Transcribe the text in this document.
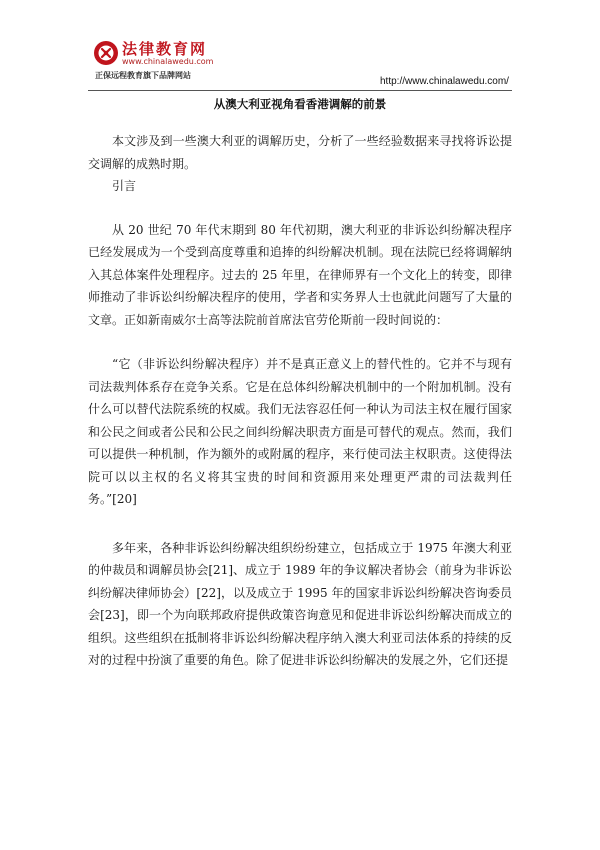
法律教育网
www.chinalawedu.com
正保远程教育旗下品牌网站
http://www.chinalawedu.com/
从澳大利亚视角看香港调解的前景

本文涉及到一些澳大利亚的调解历史，分析了一些经验数据来寻找将诉讼提交调解的成熟时期。

引言

从 20 世纪 70 年代末期到 80 年代初期，澳大利亚的非诉讼纠纷解决程序已经发展成为一个受到高度尊重和追捧的纠纷解决机制。现在法院已经将调解纳入其总体案件处理程序。过去的 25 年里，在律师界有一个文化上的转变，即律师推动了非诉讼纠纷解决程序的使用，学者和实务界人士也就此问题写了大量的文章。正如新南威尔士高等法院前首席法官劳伦斯前一段时间说的：

“它（非诉讼纠纷解决程序）并不是真正意义上的替代性的。它并不与现有司法裁判体系存在竞争关系。它是在总体纠纷解决机制中的一个附加机制。没有什么可以替代法院系统的权威。我们无法容忍任何一种认为司法主权在履行国家和公民之间或者公民和公民之间纠纷解决职责方面是可替代的观点。然而，我们可以提供一种机制，作为额外的或附属的程序，来行使司法主权职责。这使得法院可以以主权的名义将其宝贵的时间和资源用来处理更严肃的司法裁判任务。”[20]

多年来，各种非诉讼纠纷解决组织纷纷建立，包括成立于 1975 年澳大利亚的仲裁员和调解员协会[21]、成立于 1989 年的争议解决者协会（前身为非诉讼纠纷解决律师协会）[22]，以及成立于 1995 年的国家非诉讼纠纷解决咨询委员会[23]，即一个为向联邦政府提供政策咨询意见和促进非诉讼纠纷解决而成立的组织。这些组织在抵制将非诉讼纠纷解决程序纳入澳大利亚司法体系的持续的反对的过程中扮演了重要的角色。除了促进非诉讼纠纷解决的发展之外，它们还提
